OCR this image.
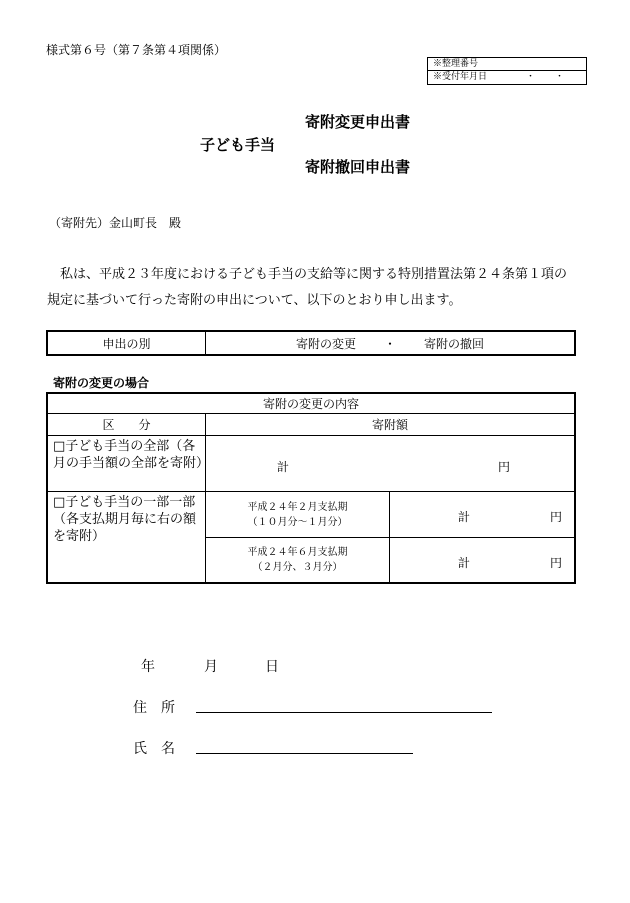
様式第６号（第７条第４項関係）
※整理番号
※受付年月日	・ ・
寄附変更申出書
子ども手当
寄附撤回申出書
（寄附先）金山町長　殿
私は、平成２３年度における子ども手当の支給等に関する特別措置法第２４条第１項の
規定に基づいて行った寄附の申出について、以下のとおり申し出ます。
申出の別	寄附の変更 ・ 寄附の撤回
寄附の変更の場合
寄附の変更の内容
区　　分	寄附額
□子ども手当の全部（各月の手当額の全部を寄附）	計	円
□子ども手当の一部一部（各支払期月毎に右の額を寄附）
平成２４年２月支払期
（１０月分～１月分）	計	円
平成２４年６月支払期
（２月分、３月分）	計	円
年	月	日
住　所
氏　名
